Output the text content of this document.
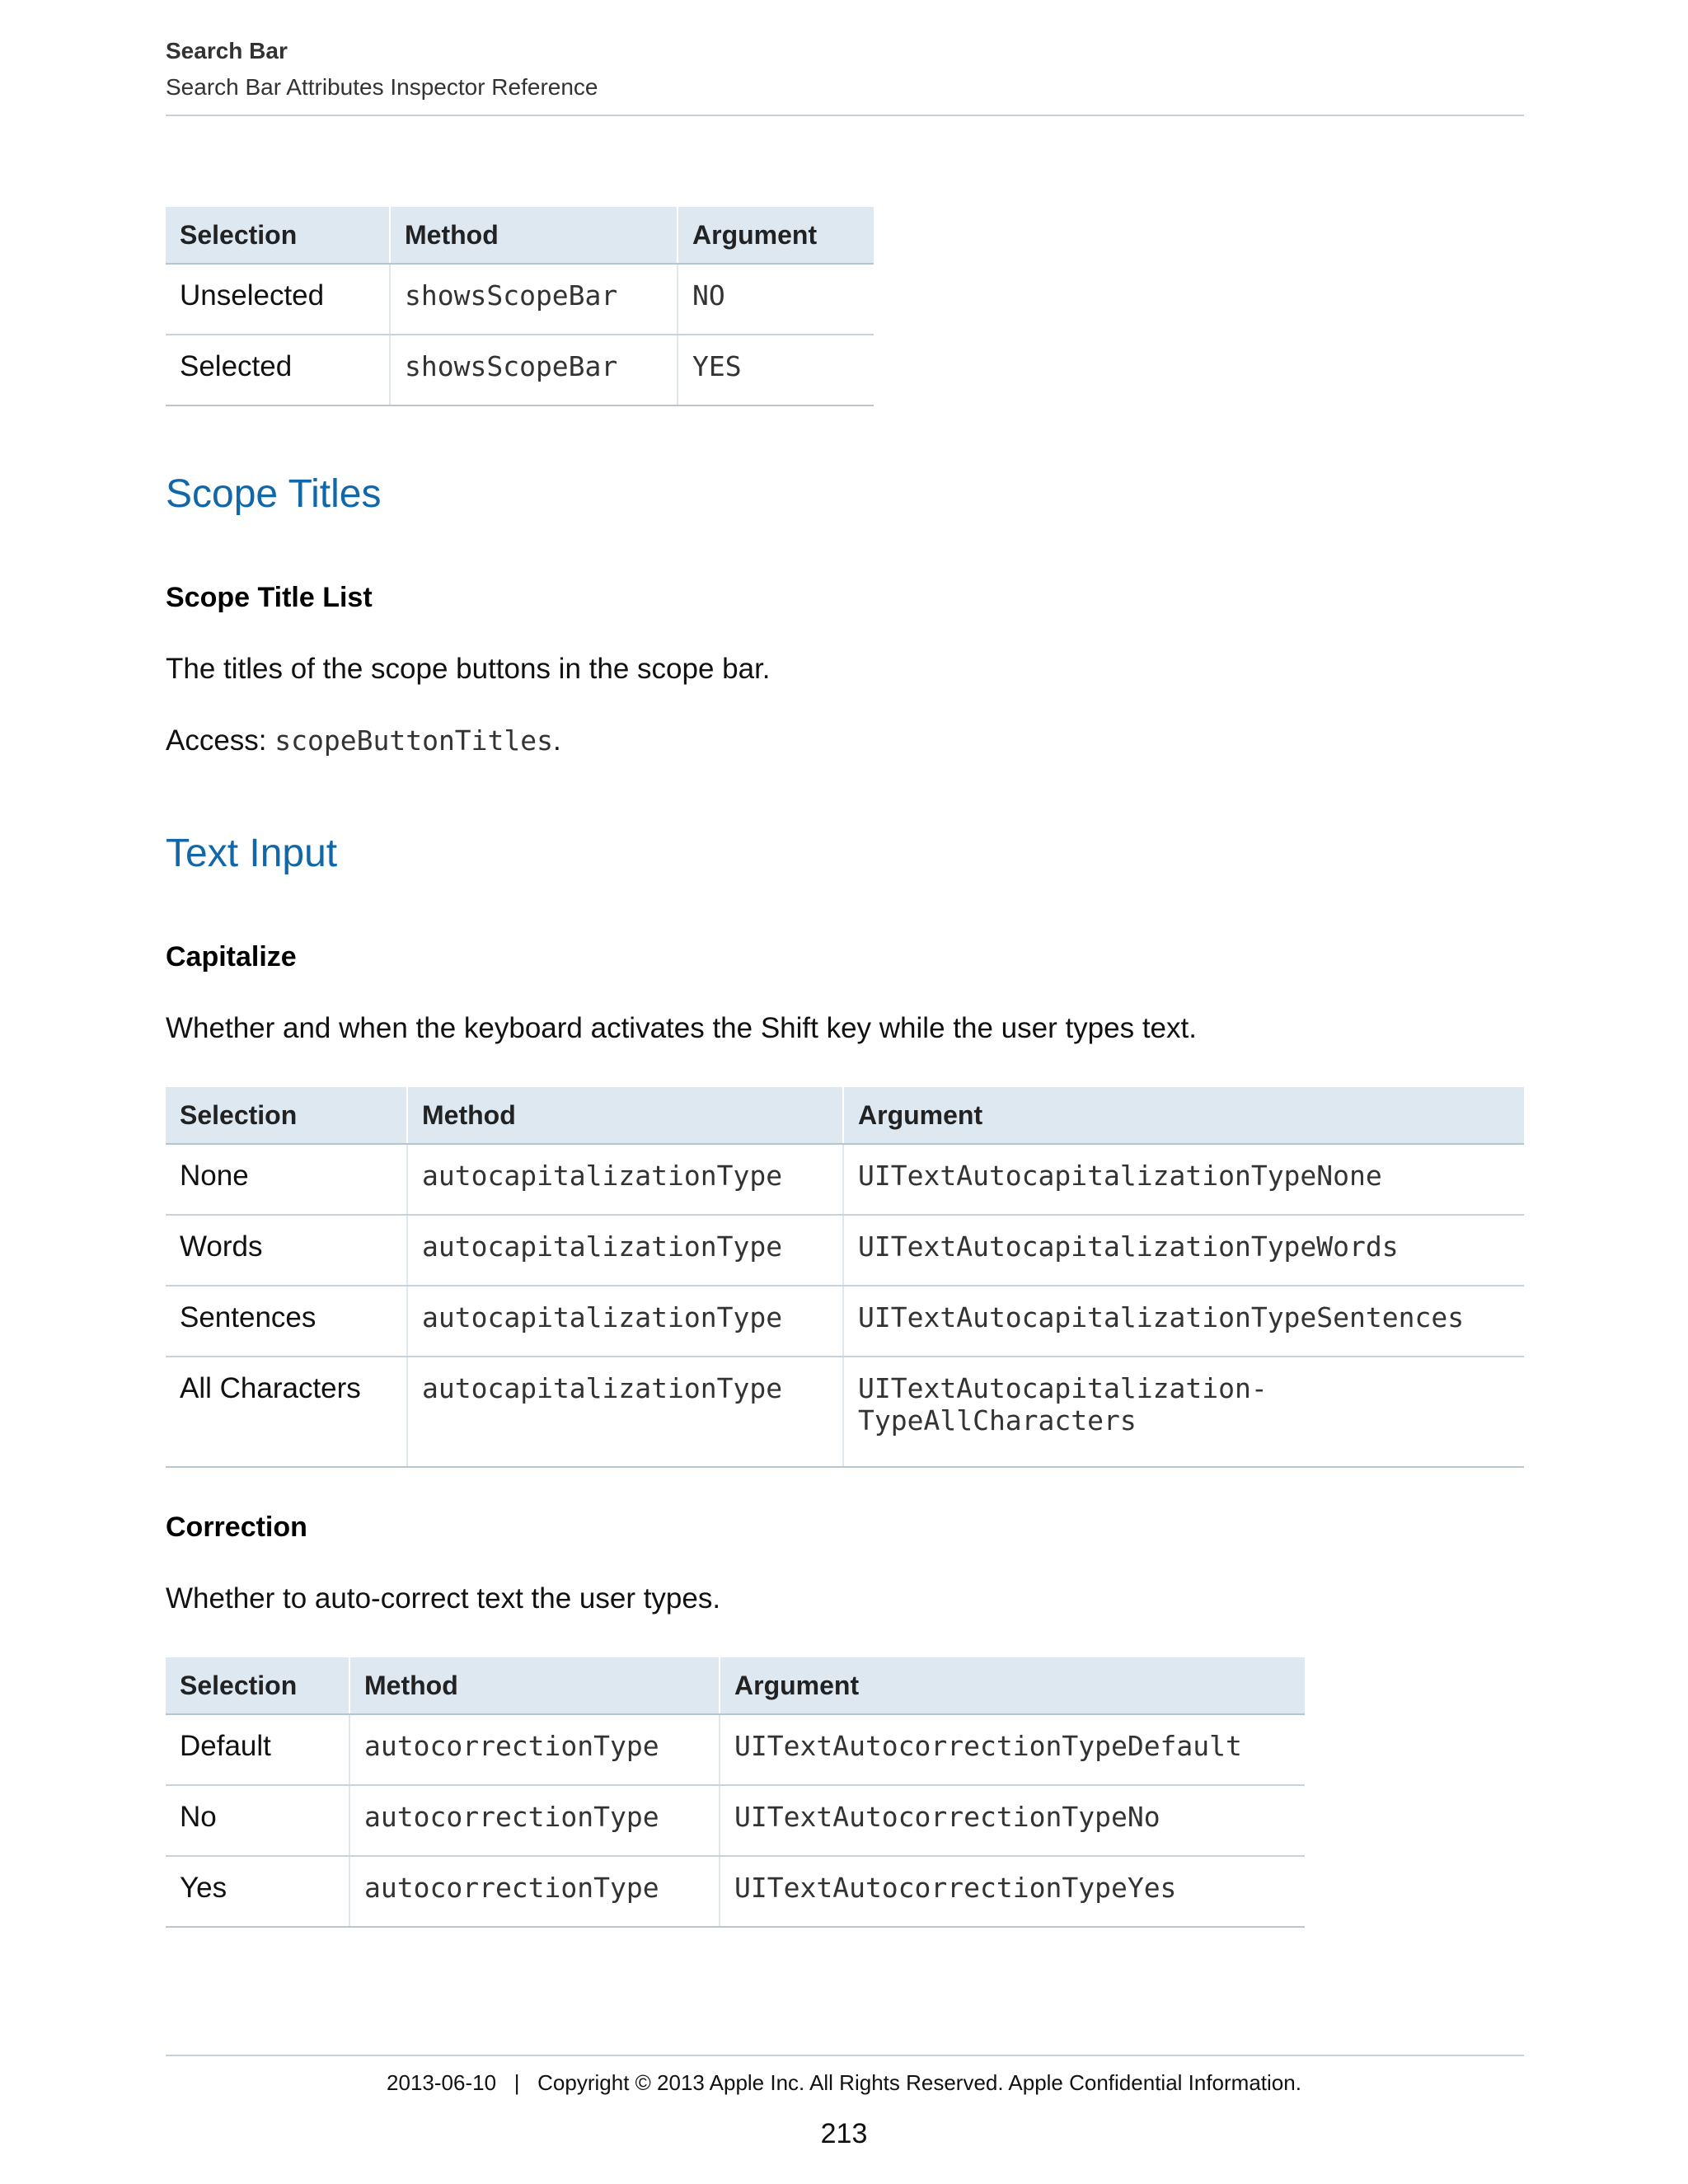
Search Bar
Search Bar Attributes Inspector Reference
Selection	Method	Argument
Unselected	showsScopeBar	NO
Selected	showsScopeBar	YES
Scope Titles
Scope Title List
The titles of the scope buttons in the scope bar.
Access: scopeButtonTitles.
Text Input
Capitalize
Whether and when the keyboard activates the Shift key while the user types text.
Selection	Method	Argument
None	autocapitalizationType	UITextAutocapitalizationTypeNone
Words	autocapitalizationType	UITextAutocapitalizationTypeWords
Sentences	autocapitalizationType	UITextAutocapitalizationTypeSentences
All Characters	autocapitalizationType	UITextAutocapitalization-
TypeAllCharacters
Correction
Whether to auto-correct text the user types.
Selection	Method	Argument
Default	autocorrectionType	UITextAutocorrectionTypeDefault
No	autocorrectionType	UITextAutocorrectionTypeNo
Yes	autocorrectionType	UITextAutocorrectionTypeYes
2013-06-10   |   Copyright © 2013 Apple Inc. All Rights Reserved. Apple Confidential Information.
213
